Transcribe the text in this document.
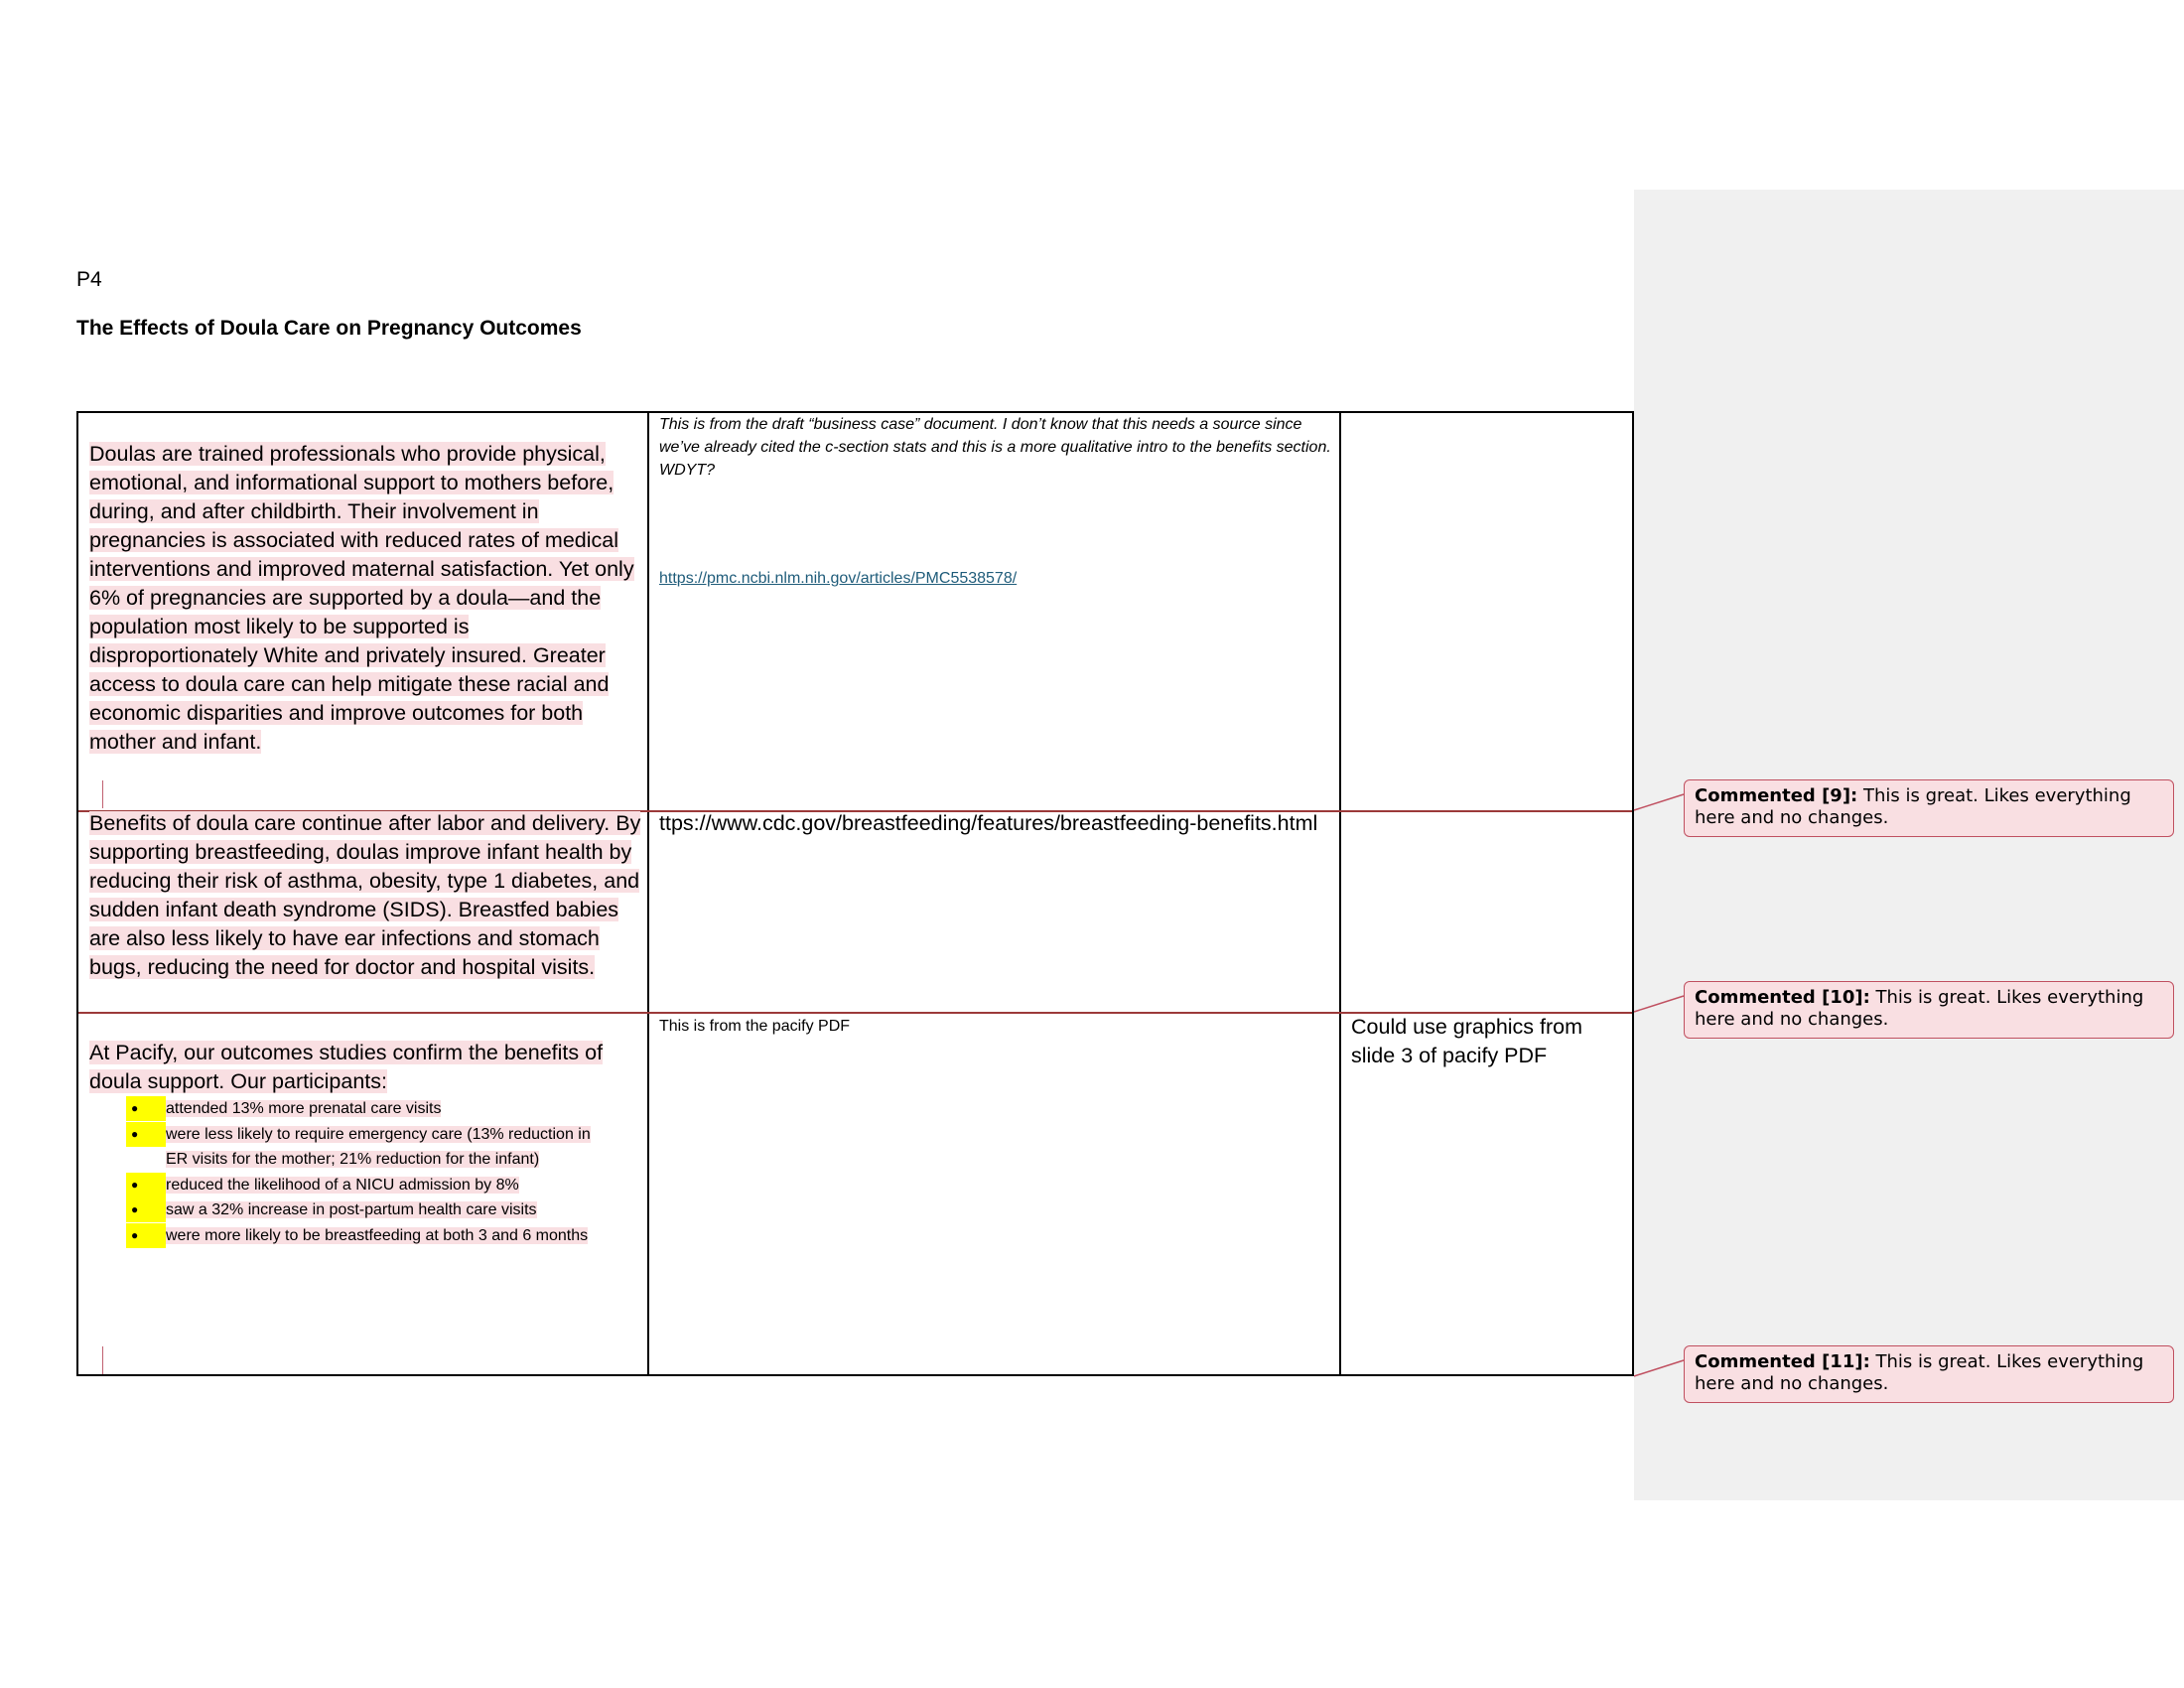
P4
The Effects of Doula Care on Pregnancy Outcomes
Doulas are trained professionals who provide physical, emotional, and informational support to mothers before, during, and after childbirth. Their involvement in pregnancies is associated with reduced rates of medical interventions and improved maternal satisfaction. Yet only 6% of pregnancies are supported by a doula—and the population most likely to be supported is disproportionately White and privately insured. Greater access to doula care can help mitigate these racial and economic disparities and improve outcomes for both mother and infant.
This is from the draft “business case” document. I don’t know that this needs a source since we’ve already cited the c-section stats and this is a more qualitative intro to the benefits section. WDYT?
https://pmc.ncbi.nlm.nih.gov/articles/PMC5538578/
Benefits of doula care continue after labor and delivery. By supporting breastfeeding, doulas improve infant health by reducing their risk of asthma, obesity, type 1 diabetes, and sudden infant death syndrome (SIDS). Breastfed babies are also less likely to have ear infections and stomach bugs, reducing the need for doctor and hospital visits.
ttps://www.cdc.gov/breastfeeding/features/breastfeeding-benefits.html
At Pacify, our outcomes studies confirm the benefits of doula support. Our participants:
●
attended 13% more prenatal care visits
●
were less likely to require emergency care (13% reduction in ER visits for the mother; 21% reduction for the infant)
●
reduced the likelihood of a NICU admission by 8%
●
saw a 32% increase in post-partum health care visits
●
were more likely to be breastfeeding at both 3 and 6 months
This is from the pacify PDF	Could use graphics from slide 3 of pacify PDF
Commented [9]: This is great. Likes everything here and no changes.
Commented [10]: This is great. Likes everything here and no changes.
Commented [11]: This is great. Likes everything here and no changes.
